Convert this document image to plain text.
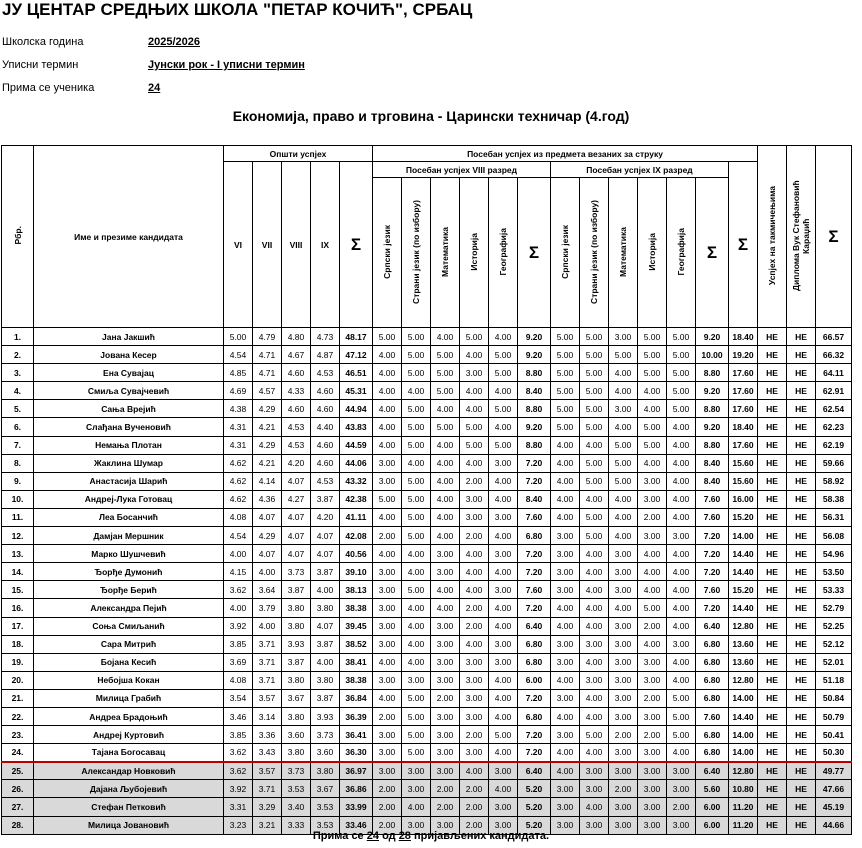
ЈУ ЦЕНТАР СРЕДЊИХ ШКОЛА "ПЕТАР КОЧИЋ", СРБАЦ
Школска година	2025/2026
Уписни термин	Јунски рок - I уписни термин
Прима се ученика	24
Економија, право и трговина - Царински техничар (4.год)
Рбр.	Име и презиме кандидата	Општи успјех					Посебан успјех из предмета везаних за струку													Успјех на такмичењима	Диплома Вук Стефановић Караџић	Σ
		VI	VII	VIII	IX	Σ	Посебан успјех VIII разред						Посебан успјех IX разред						Σ			
							Српски језик	Страни језик (по избору)	Математика	Историја	Географија	Σ	Српски језик	Страни језик (по избору)	Математика	Историја	Географија	Σ				
1.	Јана Јакшић	5.00	4.79	4.80	4.73	48.17	5.00	5.00	4.00	5.00	4.00	9.20	5.00	5.00	3.00	5.00	5.00	9.20	18.40	НЕ	НЕ	66.57
2.	Јована Кесер	4.54	4.71	4.67	4.87	47.12	4.00	5.00	5.00	4.00	5.00	9.20	5.00	5.00	5.00	5.00	5.00	10.00	19.20	НЕ	НЕ	66.32
3.	Ена Сувајац	4.85	4.71	4.60	4.53	46.51	4.00	5.00	5.00	3.00	5.00	8.80	5.00	5.00	4.00	5.00	5.00	8.80	17.60	НЕ	НЕ	64.11
4.	Смиља Сувајчевић	4.69	4.57	4.33	4.60	45.31	4.00	4.00	5.00	4.00	4.00	8.40	5.00	5.00	4.00	4.00	5.00	9.20	17.60	НЕ	НЕ	62.91
5.	Сања Врејић	4.38	4.29	4.60	4.60	44.94	4.00	5.00	4.00	4.00	5.00	8.80	5.00	5.00	3.00	4.00	5.00	8.80	17.60	НЕ	НЕ	62.54
6.	Слађана Вученовић	4.31	4.21	4.53	4.40	43.83	4.00	5.00	5.00	5.00	4.00	9.20	5.00	5.00	4.00	5.00	4.00	9.20	18.40	НЕ	НЕ	62.23
7.	Немања Плотан	4.31	4.29	4.53	4.60	44.59	4.00	5.00	4.00	5.00	5.00	8.80	4.00	4.00	5.00	5.00	4.00	8.80	17.60	НЕ	НЕ	62.19
8.	Жаклина Шумар	4.62	4.21	4.20	4.60	44.06	3.00	4.00	4.00	4.00	3.00	7.20	4.00	5.00	5.00	4.00	4.00	8.40	15.60	НЕ	НЕ	59.66
9.	Анастасија Шарић	4.62	4.14	4.07	4.53	43.32	3.00	5.00	4.00	2.00	4.00	7.20	4.00	5.00	5.00	3.00	4.00	8.40	15.60	НЕ	НЕ	58.92
10.	Андреј-Лука Готовац	4.62	4.36	4.27	3.87	42.38	5.00	5.00	4.00	3.00	4.00	8.40	4.00	4.00	4.00	3.00	4.00	7.60	16.00	НЕ	НЕ	58.38
11.	Леа Босанчић	4.08	4.07	4.07	4.20	41.11	4.00	5.00	4.00	3.00	3.00	7.60	4.00	5.00	4.00	2.00	4.00	7.60	15.20	НЕ	НЕ	56.31
12.	Дамјан Мершник	4.54	4.29	4.07	4.07	42.08	2.00	5.00	4.00	2.00	4.00	6.80	3.00	5.00	4.00	3.00	3.00	7.20	14.00	НЕ	НЕ	56.08
13.	Марко Шушчевић	4.00	4.07	4.07	4.07	40.56	4.00	4.00	3.00	4.00	3.00	7.20	3.00	4.00	3.00	4.00	4.00	7.20	14.40	НЕ	НЕ	54.96
14.	Ђорђе Думонић	4.15	4.00	3.73	3.87	39.10	3.00	4.00	3.00	4.00	4.00	7.20	3.00	4.00	3.00	4.00	4.00	7.20	14.40	НЕ	НЕ	53.50
15.	Ђорђе Берић	3.62	3.64	3.87	4.00	38.13	3.00	5.00	4.00	4.00	3.00	7.60	3.00	4.00	3.00	4.00	4.00	7.60	15.20	НЕ	НЕ	53.33
16.	Александра Пејић	4.00	3.79	3.80	3.80	38.38	3.00	4.00	4.00	2.00	4.00	7.20	4.00	4.00	4.00	5.00	4.00	7.20	14.40	НЕ	НЕ	52.79
17.	Соња Смиљанић	3.92	4.00	3.80	4.07	39.45	3.00	4.00	3.00	2.00	4.00	6.40	4.00	4.00	3.00	2.00	4.00	6.40	12.80	НЕ	НЕ	52.25
18.	Сара Митрић	3.85	3.71	3.93	3.87	38.52	3.00	4.00	3.00	4.00	3.00	6.80	3.00	3.00	3.00	4.00	3.00	6.80	13.60	НЕ	НЕ	52.12
19.	Бојана Кесић	3.69	3.71	3.87	4.00	38.41	4.00	4.00	3.00	3.00	3.00	6.80	3.00	4.00	3.00	3.00	4.00	6.80	13.60	НЕ	НЕ	52.01
20.	Небојша Кокан	4.08	3.71	3.80	3.80	38.38	3.00	3.00	3.00	3.00	4.00	6.00	4.00	3.00	3.00	3.00	4.00	6.80	12.80	НЕ	НЕ	51.18
21.	Милица Грабић	3.54	3.57	3.67	3.87	36.84	4.00	5.00	2.00	3.00	4.00	7.20	3.00	4.00	3.00	2.00	5.00	6.80	14.00	НЕ	НЕ	50.84
22.	Андреа Брадоњић	3.46	3.14	3.80	3.93	36.39	2.00	5.00	3.00	3.00	4.00	6.80	4.00	4.00	3.00	3.00	5.00	7.60	14.40	НЕ	НЕ	50.79
23.	Андреј Куртовић	3.85	3.36	3.60	3.73	36.41	3.00	5.00	3.00	2.00	5.00	7.20	3.00	5.00	2.00	2.00	5.00	6.80	14.00	НЕ	НЕ	50.41
24.	Тајана Богосавац	3.62	3.43	3.80	3.60	36.30	3.00	5.00	3.00	3.00	4.00	7.20	4.00	4.00	3.00	3.00	4.00	6.80	14.00	НЕ	НЕ	50.30
25.	Александар Новковић	3.62	3.57	3.73	3.80	36.97	3.00	3.00	3.00	4.00	3.00	6.40	4.00	3.00	3.00	3.00	3.00	6.40	12.80	НЕ	НЕ	49.77
26.	Дајана Љубојевић	3.92	3.71	3.53	3.67	36.86	2.00	3.00	2.00	2.00	4.00	5.20	3.00	3.00	2.00	3.00	3.00	5.60	10.80	НЕ	НЕ	47.66
27.	Стефан Петковић	3.31	3.29	3.40	3.53	33.99	2.00	4.00	2.00	2.00	3.00	5.20	3.00	4.00	3.00	3.00	2.00	6.00	11.20	НЕ	НЕ	45.19
28.	Милица Јовановић	3.23	3.21	3.33	3.53	33.46	2.00	3.00	3.00	2.00	3.00	5.20	3.00	3.00	3.00	3.00	3.00	6.00	11.20	НЕ	НЕ	44.66
Прима се 24 од 28 пријављених кандидата.
